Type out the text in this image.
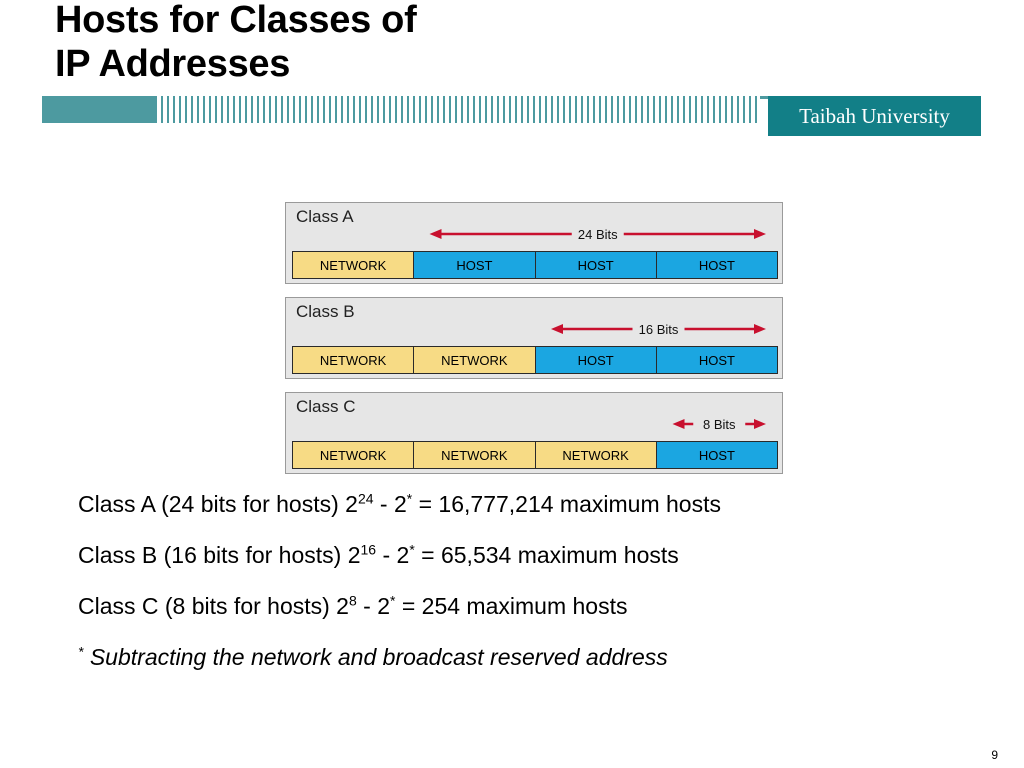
Hosts for Classes of
IP Addresses
Taibah University
Class A
24 Bits
NETWORK	HOST	HOST	HOST
Class B
16 Bits
NETWORK	NETWORK	HOST	HOST
Class C
8 Bits
NETWORK	NETWORK	NETWORK	HOST

Class A (24 bits for hosts) $2^{24} - 2^* = 16,777,214$ maximum hosts

Class B (16 bits for hosts) $2^{16} - 2^* = 65,534$ maximum hosts

Class C (8 bits for hosts) $2^8 - 2^* = 254$ maximum hosts

* Subtracting the network and broadcast reserved address

9
